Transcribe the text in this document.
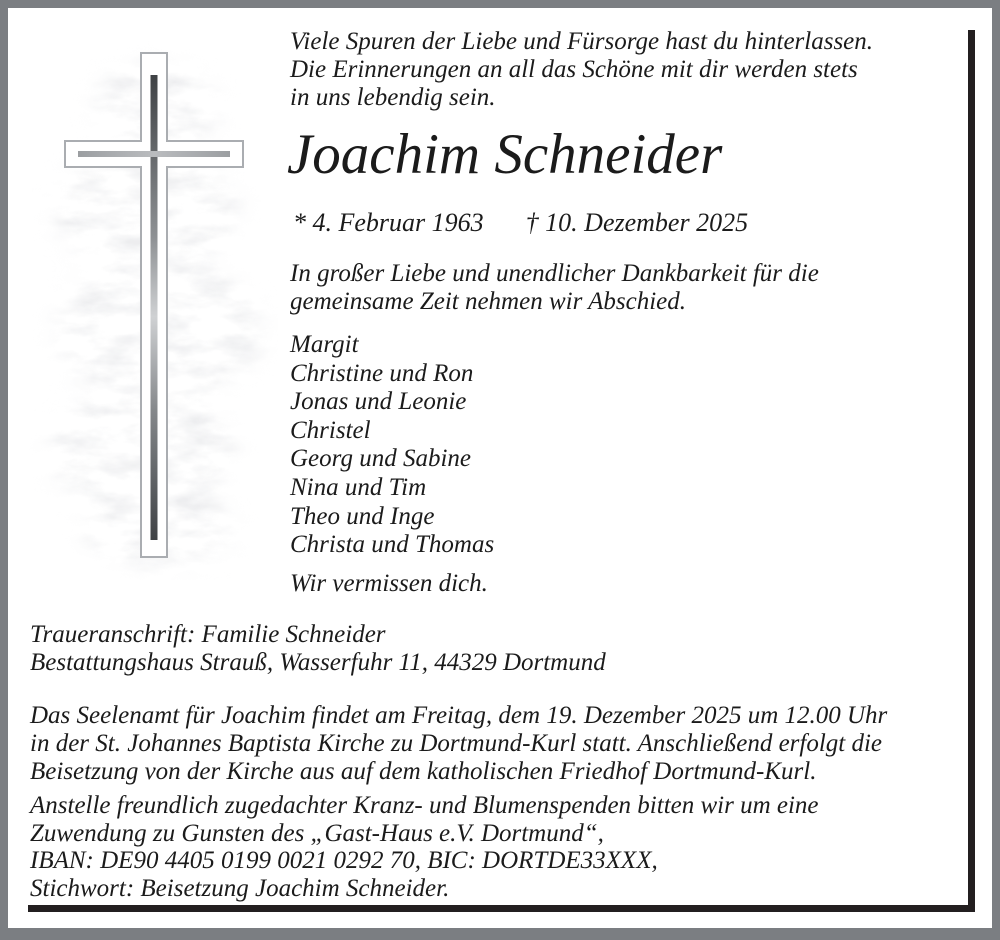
Viele Spuren der Liebe und Fürsorge hast du hinterlassen.
Die Erinnerungen an all das Schöne mit dir werden stets
in uns lebendig sein.
Joachim Schneider
* 4. Februar 1963 † 10. Dezember 2025
In großer Liebe und unendlicher Dankbarkeit für die
gemeinsame Zeit nehmen wir Abschied.
Margit
Christine und Ron
Jonas und Leonie
Christel
Georg und Sabine
Nina und Tim
Theo und Inge
Christa und Thomas
Wir vermissen dich.
Traueranschrift: Familie Schneider
Bestattungshaus Strauß, Wasserfuhr 11, 44329 Dortmund
Das Seelenamt für Joachim findet am Freitag, dem 19. Dezember 2025 um 12.00 Uhr
in der St. Johannes Baptista Kirche zu Dortmund-Kurl statt. Anschließend erfolgt die
Beisetzung von der Kirche aus auf dem katholischen Friedhof Dortmund-Kurl.
Anstelle freundlich zugedachter Kranz- und Blumenspenden bitten wir um eine
Zuwendung zu Gunsten des „Gast-Haus e.V. Dortmund“,
IBAN: DE90 4405 0199 0021 0292 70, BIC: DORTDE33XXX,
Stichwort: Beisetzung Joachim Schneider.
